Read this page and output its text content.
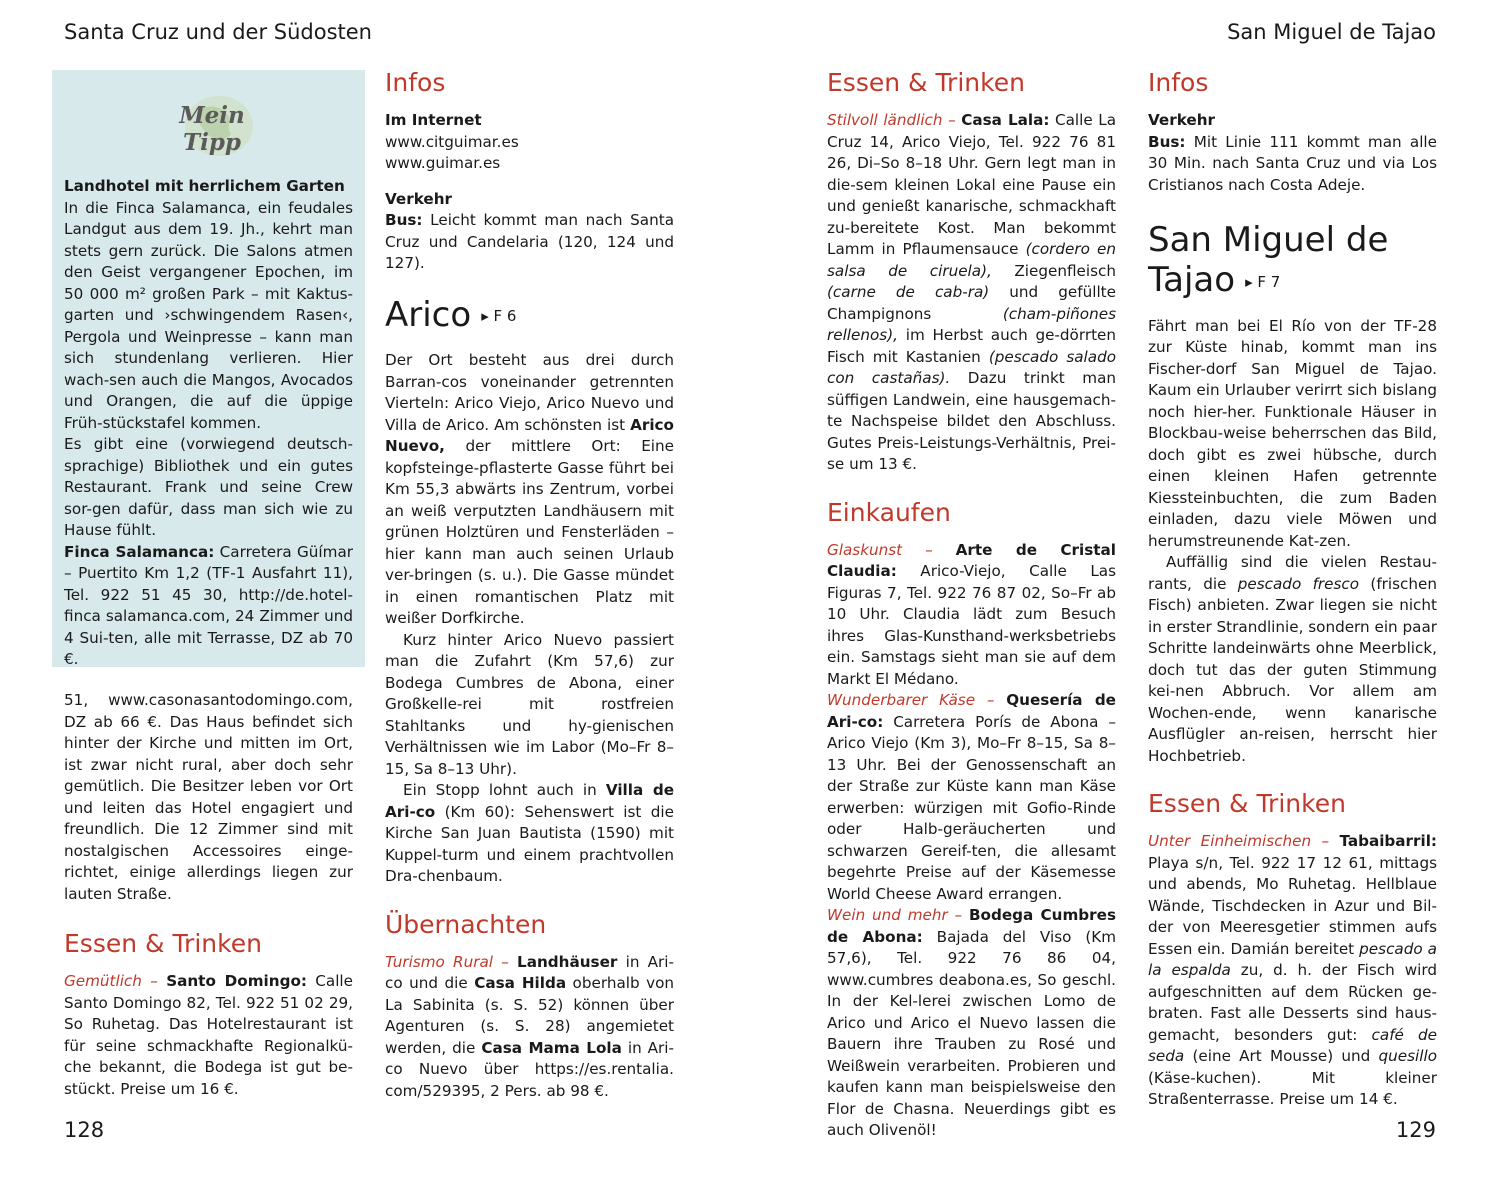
Santa Cruz und der Südosten
Mein Tipp
Landhotel mit herrlichem Garten

In die Finca Salamanca, ein feudales Landgut aus dem 19. Jh., kehrt man stets gern zurück. Die Salons atmen den Geist vergangener Epochen, im 50 000 m² großen Park – mit Kaktus-garten und ›schwingendem Rasen‹, Pergola und Weinpresse – kann man sich stundenlang verlieren. Hier wach-sen auch die Mangos, Avocados und Orangen, die auf die üppige Früh-stückstafel kommen.

Es gibt eine (vorwiegend deutsch-sprachige) Bibliothek und ein gutes Restaurant. Frank und seine Crew sor-gen dafür, dass man sich wie zu Hause fühlt.

Finca Salamanca: Carretera Güímar – Puertito Km 1,2 (TF-1 Ausfahrt 11), Tel. 922 51 45 30, http://de.hotel-finca salamanca.com, 24 Zimmer und 4 Sui-ten, alle mit Terrasse, DZ ab 70 €.

51, www.casonasantodomingo.com, DZ ab 66 €. Das Haus befindet sich hinter der Kirche und mitten im Ort, ist zwar nicht rural, aber doch sehr gemütlich. Die Besitzer leben vor Ort und leiten das Hotel engagiert und freundlich. Die 12 Zimmer sind mit nostalgischen Accessoires einge-richtet, einige allerdings liegen zur lauten Straße.

Essen & Trinken

Gemütlich – Santo Domingo: Calle Santo Domingo 82, Tel. 922 51 02 29, So Ruhetag. Das Hotelrestaurant ist für seine schmackhafte Regionalkü-che bekannt, die Bodega ist gut be-stückt. Preise um 16 €.

Infos
Im Internet
www.citguimar.es
www.guimar.es
Verkehr

Bus: Leicht kommt man nach Santa Cruz und Candelaria (120, 124 und 127).

Arico ▸ F 6

Der Ort besteht aus drei durch Barran-cos voneinander getrennten Vierteln: Arico Viejo, Arico Nuevo und Villa de Arico. Am schönsten ist Arico Nuevo, der mittlere Ort: Eine kopfsteinge-pflasterte Gasse führt bei Km 55,3 abwärts ins Zentrum, vorbei an weiß verputzten Landhäusern mit grünen Holztüren und Fensterläden – hier kann man auch seinen Urlaub ver-bringen (s. u.). Die Gasse mündet in einen romantischen Platz mit weißer Dorfkirche.

Kurz hinter Arico Nuevo passiert man die Zufahrt (Km 57,6) zur Bodega Cumbres de Abona, einer Großkelle-rei mit rostfreien Stahltanks und hy-gienischen Verhältnissen wie im Labor (Mo–Fr 8–15, Sa 8–13 Uhr).

Ein Stopp lohnt auch in Villa de Ari-co (Km 60): Sehenswert ist die Kirche San Juan Bautista (1590) mit Kuppel-turm und einem prachtvollen Dra-chenbaum.

Übernachten

Turismo Rural – Landhäuser in Ari-co und die Casa Hilda oberhalb von La Sabinita (s. S. 52) können über Agenturen (s. S. 28) angemietet werden, die Casa Mama Lola in Ari-co Nuevo über https://es.rentalia. com/529395, 2 Pers. ab 98 €.

128
San Miguel de Tajao
Essen & Trinken

Stilvoll ländlich – Casa Lala: Calle La Cruz 14, Arico Viejo, Tel. 922 76 81 26, Di–So 8–18 Uhr. Gern legt man in die-sem kleinen Lokal eine Pause ein und genießt kanarische, schmackhaft zu-bereitete Kost. Man bekommt Lamm in Pflaumensauce (cordero en salsa de ciruela), Ziegenfleisch (carne de cab-ra) und gefüllte Champignons (cham-piñones rellenos), im Herbst auch ge-dörrten Fisch mit Kastanien (pescado salado con castañas). Dazu trinkt man süffigen Landwein, eine hausgemach-te Nachspeise bildet den Abschluss. Gutes Preis-Leistungs-Verhältnis, Prei-se um 13 €.

Einkaufen

Glaskunst – Arte de Cristal Claudia: Arico-Viejo, Calle Las Figuras 7, Tel. 922 76 87 02, So–Fr ab 10 Uhr. Claudia lädt zum Besuch ihres Glas-Kunsthand-werksbetriebs ein. Samstags sieht man sie auf dem Markt El Médano.

Wunderbarer Käse – Quesería de Ari-co: Carretera Porís de Abona – Arico Viejo (Km 3), Mo–Fr 8–15, Sa 8–13 Uhr. Bei der Genossenschaft an der Straße zur Küste kann man Käse erwerben: würzigen mit Gofio-Rinde oder Halb-geräucherten und schwarzen Gereif-ten, die allesamt begehrte Preise auf der Käsemesse World Cheese Award errangen.

Wein und mehr – Bodega Cumbres de Abona: Bajada del Viso (Km 57,6), Tel. 922 76 86 04, www.cumbres deabona.es, So geschl. In der Kel-lerei zwischen Lomo de Arico und Arico el Nuevo lassen die Bauern ihre Trauben zu Rosé und Weißwein verarbeiten. Probieren und kaufen kann man beispielsweise den Flor de Chasna. Neuerdings gibt es auch Olivenöl!

Infos
Verkehr

Bus: Mit Linie 111 kommt man alle 30 Min. nach Santa Cruz und via Los Cristianos nach Costa Adeje.

San Miguel de
Tajao ▸ F 7

Fährt man bei El Río von der TF-28 zur Küste hinab, kommt man ins Fischer-dorf San Miguel de Tajao. Kaum ein Urlauber verirrt sich bislang noch hier-her. Funktionale Häuser in Blockbau-weise beherrschen das Bild, doch gibt es zwei hübsche, durch einen kleinen Hafen getrennte Kiessteinbuchten, die zum Baden einladen, dazu viele Möwen und herumstreunende Kat-zen.

Auffällig sind die vielen Restau-rants, die pescado fresco (frischen Fisch) anbieten. Zwar liegen sie nicht in erster Strandlinie, sondern ein paar Schritte landeinwärts ohne Meerblick, doch tut das der guten Stimmung kei-nen Abbruch. Vor allem am Wochen-ende, wenn kanarische Ausflügler an-reisen, herrscht hier Hochbetrieb.

Essen & Trinken

Unter Einheimischen – Tabaibarril: Playa s/n, Tel. 922 17 12 61, mittags und abends, Mo Ruhetag. Hellblaue Wände, Tischdecken in Azur und Bil-der von Meeresgetier stimmen aufs Essen ein. Damián bereitet pescado a la espalda zu, d. h. der Fisch wird aufgeschnitten auf dem Rücken ge-braten. Fast alle Desserts sind haus-gemacht, besonders gut: café de seda (eine Art Mousse) und quesillo (Käse-kuchen). Mit kleiner Straßenterrasse. Preise um 14 €.

129
